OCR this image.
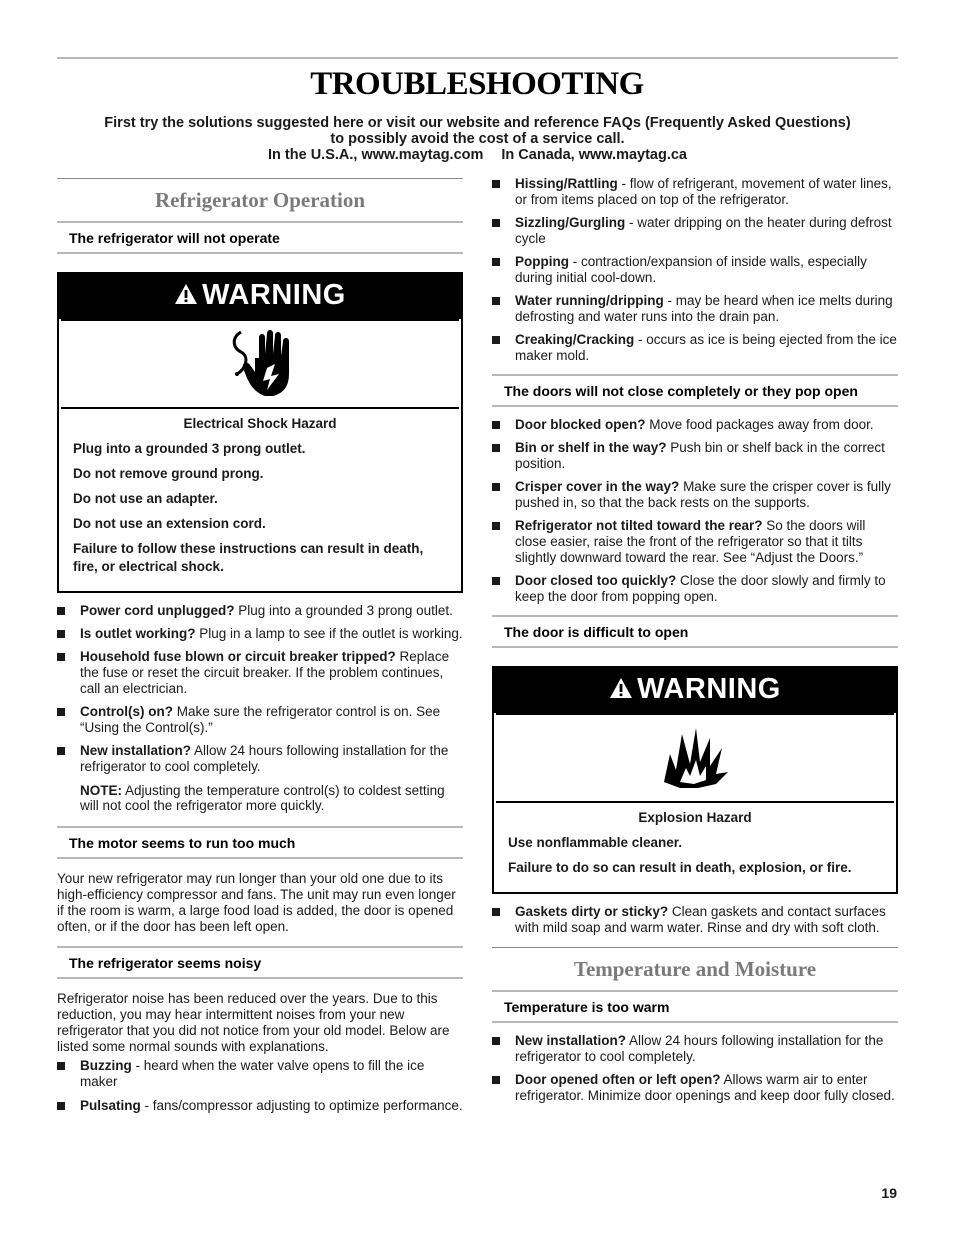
TROUBLESHOOTING
First try the solutions suggested here or visit our website and reference FAQs (Frequently Asked Questions)
to possibly avoid the cost of a service call.
In the U.S.A., www.maytag.com In Canada, www.maytag.ca
Refrigerator Operation
The refrigerator will not operate
WARNING
Electrical Shock Hazard

Plug into a grounded 3 prong outlet.

Do not remove ground prong.

Do not use an adapter.

Do not use an extension cord.

Failure to follow these instructions can result in death, fire, or electrical shock.

Power cord unplugged? Plug into a grounded 3 prong outlet.
Is outlet working? Plug in a lamp to see if the outlet is working.
Household fuse blown or circuit breaker tripped? Replace the fuse or reset the circuit breaker. If the problem continues, call an electrician.
Control(s) on? Make sure the refrigerator control is on. See “Using the Control(s).”
New installation? Allow 24 hours following installation for the refrigerator to cool completely.
NOTE: Adjusting the temperature control(s) to coldest setting will not cool the refrigerator more quickly.
The motor seems to run too much
Your new refrigerator may run longer than your old one due to its high-efficiency compressor and fans. The unit may run even longer if the room is warm, a large food load is added, the door is opened often, or if the door has been left open.
The refrigerator seems noisy
Refrigerator noise has been reduced over the years. Due to this reduction, you may hear intermittent noises from your new refrigerator that you did not notice from your old model. Below are listed some normal sounds with explanations.
Buzzing - heard when the water valve opens to fill the ice maker
Pulsating - fans/compressor adjusting to optimize performance.
Hissing/Rattling - flow of refrigerant, movement of water lines, or from items placed on top of the refrigerator.
Sizzling/Gurgling - water dripping on the heater during defrost cycle
Popping - contraction/expansion of inside walls, especially during initial cool-down.
Water running/dripping - may be heard when ice melts during defrosting and water runs into the drain pan.
Creaking/Cracking - occurs as ice is being ejected from the ice maker mold.
The doors will not close completely or they pop open
Door blocked open? Move food packages away from door.
Bin or shelf in the way? Push bin or shelf back in the correct position.
Crisper cover in the way? Make sure the crisper cover is fully pushed in, so that the back rests on the supports.
Refrigerator not tilted toward the rear? So the doors will close easier, raise the front of the refrigerator so that it tilts slightly downward toward the rear. See “Adjust the Doors.”
Door closed too quickly? Close the door slowly and firmly to keep the door from popping open.
The door is difficult to open
WARNING
Explosion Hazard

Use nonflammable cleaner.

Failure to do so can result in death, explosion, or fire.

Gaskets dirty or sticky? Clean gaskets and contact surfaces with mild soap and warm water. Rinse and dry with soft cloth.
Temperature and Moisture
Temperature is too warm
New installation? Allow 24 hours following installation for the refrigerator to cool completely.
Door opened often or left open? Allows warm air to enter refrigerator. Minimize door openings and keep door fully closed.
19
